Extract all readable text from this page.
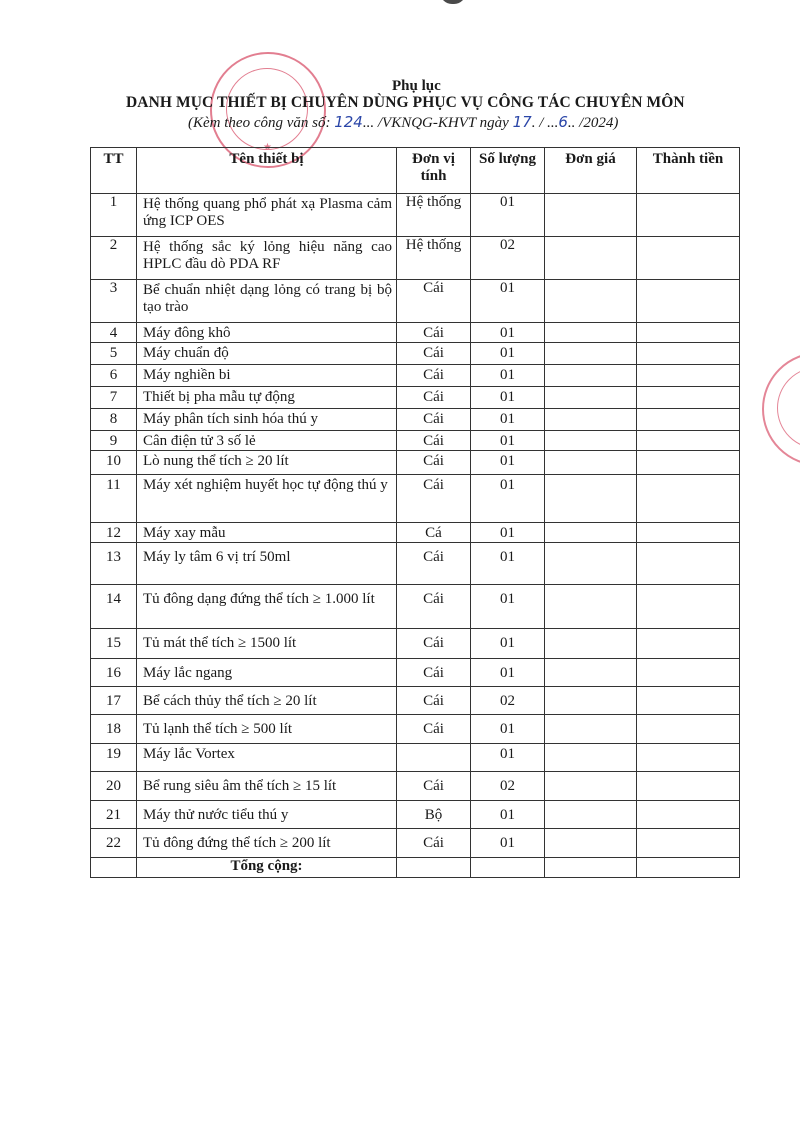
★
Phụ lục
DANH MỤC THIẾT BỊ CHUYÊN DÙNG PHỤC VỤ CÔNG TÁC CHUYÊN MÔN
(Kèm theo công văn số: 124... /VKNQG-KHVT ngày 17. / ...6.. /2024)
TT	Tên thiết bị	Đơn vị tính	Số lượng	Đơn giá	Thành tiền
1	Hệ thống quang phổ phát xạ Plasma cảm ứng ICP OES	Hệ thống	01		
2	Hệ thống sắc ký lỏng hiệu năng cao HPLC đầu dò PDA RF	Hệ thống	02		
3	Bể chuẩn nhiệt dạng lỏng có trang bị bộ tạo trào	Cái	01		
4	Máy đông khô	Cái	01		
5	Máy chuẩn độ	Cái	01		
6	Máy nghiền bi	Cái	01		
7	Thiết bị pha mẫu tự động	Cái	01		
8	Máy phân tích sinh hóa thú y	Cái	01		
9	Cân điện tử 3 số lẻ	Cái	01		
10	Lò nung thể tích ≥ 20 lít	Cái	01		
11	Máy xét nghiệm huyết học tự động thú y	Cái	01		
12	Máy xay mẫu	Cá	01		
13	Máy ly tâm 6 vị trí 50ml	Cái	01		
14	Tủ đông dạng đứng thể tích ≥ 1.000 lít	Cái	01		
15	Tủ mát thể tích ≥ 1500 lít	Cái	01		
16	Máy lắc ngang	Cái	01		
17	Bể cách thủy thể tích ≥ 20 lít	Cái	02		
18	Tủ lạnh thể tích ≥ 500 lít	Cái	01		
19	Máy lắc Vortex		01		
20	Bể rung siêu âm thể tích ≥ 15 lít	Cái	02		
21	Máy thử nước tiểu thú y	Bộ	01		
22	Tủ đông đứng thể tích ≥ 200 lít	Cái	01		
	Tổng cộng:				
